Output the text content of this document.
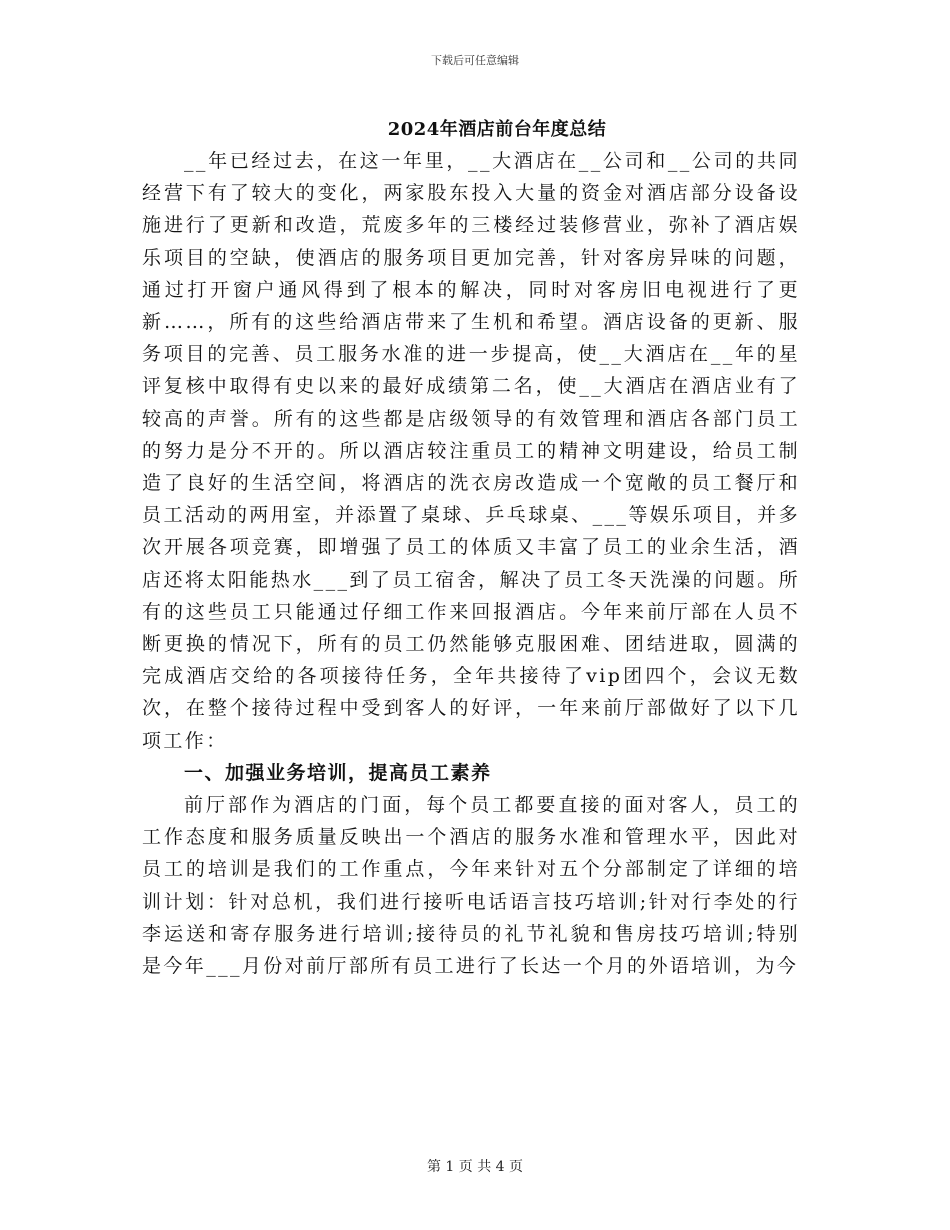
下载后可任意编辑
2024年酒店前台年度总结

__年已经过去，在这一年里，__大酒店在__公司和__公司的共同经营下有了较大的变化，两家股东投入大量的资金对酒店部分设备设施进行了更新和改造，荒废多年的三楼经过装修营业，弥补了酒店娱乐项目的空缺，使酒店的服务项目更加完善，针对客房异味的问题，通过打开窗户通风得到了根本的解决，同时对客房旧电视进行了更新……，所有的这些给酒店带来了生机和希望。酒店设备的更新、服务项目的完善、员工服务水准的进一步提高，使__大酒店在__年的星评复核中取得有史以来的最好成绩第二名，使__大酒店在酒店业有了较高的声誉。所有的这些都是店级领导的有效管理和酒店各部门员工的努力是分不开的。所以酒店较注重员工的精神文明建设，给员工制造了良好的生活空间，将酒店的洗衣房改造成一个宽敞的员工餐厅和员工活动的两用室，并添置了桌球、乒乓球桌、___等娱乐项目，并多次开展各项竞赛，即增强了员工的体质又丰富了员工的业余生活，酒店还将太阳能热水___到了员工宿舍，解决了员工冬天洗澡的问题。所有的这些员工只能通过仔细工作来回报酒店。今年来前厅部在人员不断更换的情况下，所有的员工仍然能够克服困难、团结进取，圆满的完成酒店交给的各项接待任务，全年共接待了vip团四个，会议无数次，在整个接待过程中受到客人的好评，一年来前厅部做好了以下几项工作：

一、加强业务培训，提高员工素养

前厅部作为酒店的门面，每个员工都要直接的面对客人，员工的工作态度和服务质量反映出一个酒店的服务水准和管理水平，因此对员工的培训是我们的工作重点，今年来针对五个分部制定了详细的培训计划：针对总机，我们进行接听电话语言技巧培训;针对行李处的行李运送和寄存服务进行培训;接待员的礼节礼貌和售房技巧培训;特别是今年___月份对前厅部所有员工进行了长达一个月的外语培训，为今

第 1 页 共 4 页
